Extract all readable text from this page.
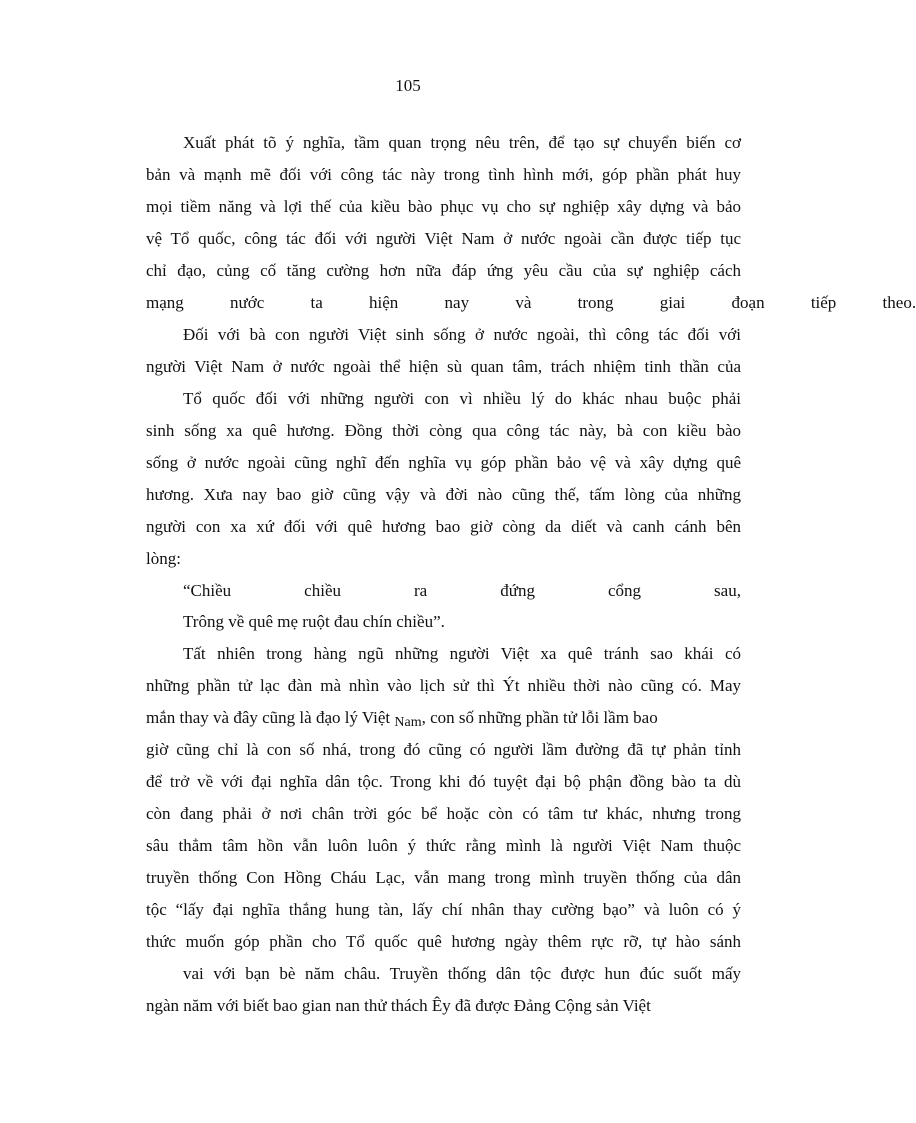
105
Xuất phát tõ ý nghĩa, tầm quan trọng nêu trên, để tạo sự chuyển biến cơ
bản và mạnh mẽ đối với công tác này trong tình hình mới, góp phần phát huy
mọi tiềm năng và lợi thế của kiều bào phục vụ cho sự nghiệp xây dựng và bảo
vệ Tổ quốc, công tác đối với người Việt Nam ở nước ngoài cần được tiếp tục
chỉ đạo, củng cố tăng cường hơn nữa đáp ứng yêu cầu của sự nghiệp cách
mạng nước ta hiện nay và trong giai đoạn tiếp theo.
Đối với bà con người Việt sinh sống ở nước ngoài, thì công tác đối với
người Việt Nam ở nước ngoài thể hiện sù quan tâm, trách nhiệm tinh thần của
Tổ quốc đối với những người con vì nhiều lý do khác nhau buộc phải
sinh sống xa quê hương. Đồng thời còng qua công tác này, bà con kiều bào
sống ở nước ngoài cũng nghĩ đến nghĩa vụ góp phần bảo vệ và xây dựng quê
hương. Xưa nay bao giờ cũng vậy và đời nào cũng thế, tấm lòng của những
người con xa xứ đối với quê hương bao giờ còng da diết và canh cánh bên
lòng:
“Chiều	chiều	ra	đứng	cổng	sau,
Trông về quê mẹ ruột đau chín chiều”.
Tất nhiên trong hàng ngũ những người Việt xa quê tránh sao khái có
những phần tử lạc đàn mà nhìn vào lịch sử thì Ýt nhiều thời nào cũng có. May
mắn thay và đây cũng là đạo lý Việt Nam, con số những phần tử lỗi lầm bao
giờ cũng chỉ là con số nhá, trong đó cũng có người lầm đường đã tự phản tỉnh
để trở về với đại nghĩa dân tộc. Trong khi đó tuyệt đại bộ phận đồng bào ta dù
còn đang phải ở nơi chân trời góc bể hoặc còn có tâm tư khác, nhưng trong
sâu thẳm tâm hồn vẫn luôn luôn ý thức rằng mình là người Việt Nam thuộc
truyền thống Con Hồng Cháu Lạc, vẫn mang trong mình truyền thống của dân
tộc “lấy đại nghĩa thắng hung tàn, lấy chí nhân thay cường bạo” và luôn có ý
thức muốn góp phần cho Tổ quốc quê hương ngày thêm rực rỡ, tự hào sánh
vai với bạn bè năm châu. Truyền thống dân tộc được hun đúc suốt mấy
ngàn năm với biết bao gian nan thử thách Êy đã được Đảng Cộng sản Việt
